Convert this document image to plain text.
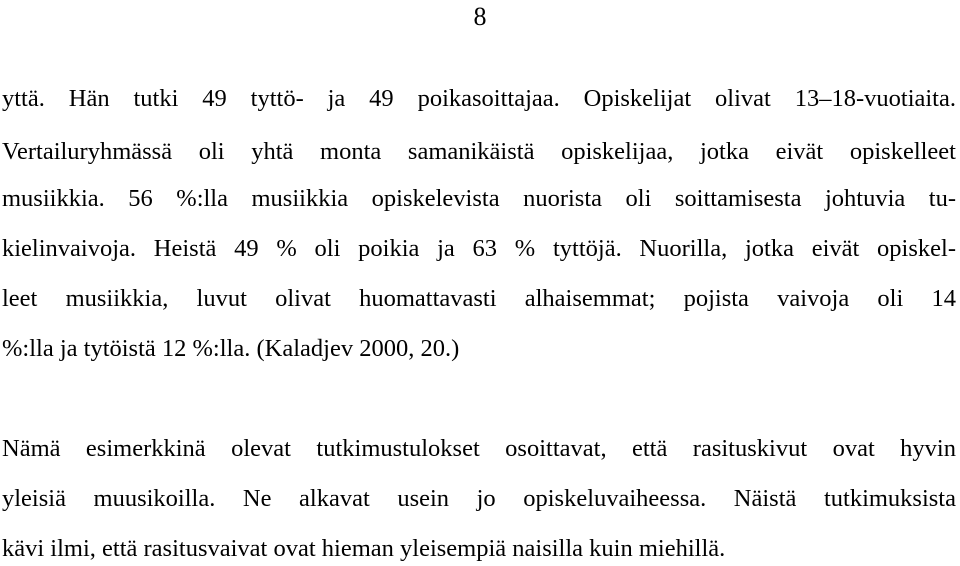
8
yttä. Hän tutki 49 tyttö- ja 49 poikasoittajaa. Opiskelijat olivat 13–18-vuotiaita.
Vertailuryhmässä oli yhtä monta samanikäistä opiskelijaa, jotka eivät opiskelleet
musiikkia. 56 %:lla musiikkia opiskelevista nuorista oli soittamisesta johtuvia tu-
kielinvaivoja. Heistä 49 % oli poikia ja 63 % tyttöjä. Nuorilla, jotka eivät opiskel-
leet musiikkia, luvut olivat huomattavasti alhaisemmat; pojista vaivoja oli 14
%:lla ja tytöistä 12 %:lla. (Kaladjev 2000, 20.)
Nämä esimerkkinä olevat tutkimustulokset osoittavat, että rasituskivut ovat hyvin
yleisiä muusikoilla. Ne alkavat usein jo opiskeluvaiheessa. Näistä tutkimuksista
kävi ilmi, että rasitusvaivat ovat hieman yleisempiä naisilla kuin miehillä.
